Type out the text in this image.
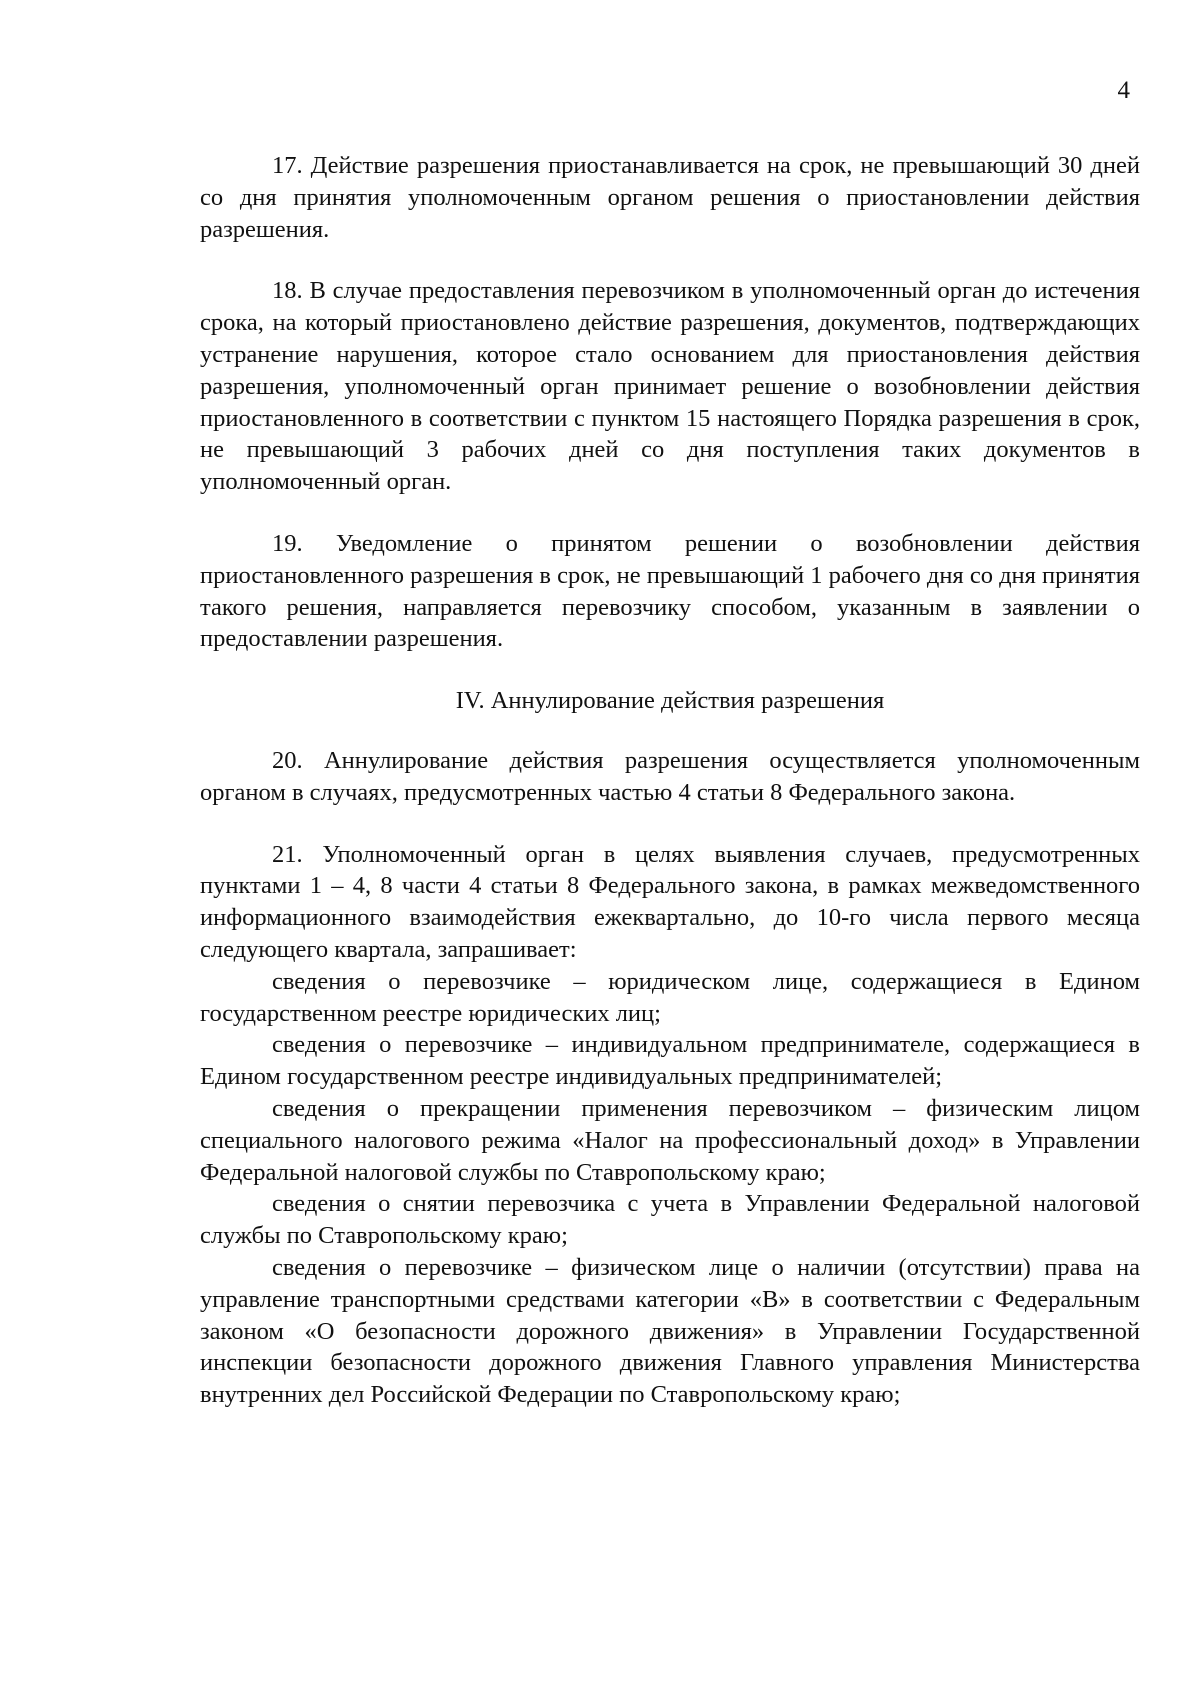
4

17. Действие разрешения приостанавливается на срок, не превышающий 30 дней со дня принятия уполномоченным органом решения о приостановлении действия разрешения.

18. В случае предоставления перевозчиком в уполномоченный орган до истечения срока, на который приостановлено действие разрешения, документов, подтверждающих устранение нарушения, которое стало основанием для приостановления действия разрешения, уполномоченный орган принимает решение о возобновлении действия приостановленного в соответствии с пунктом 15 настоящего Порядка разрешения в срок, не превышающий 3 рабочих дней со дня поступления таких документов в уполномоченный орган.

19. Уведомление о принятом решении о возобновлении действия приостановленного разрешения в срок, не превышающий 1 рабочего дня со дня принятия такого решения, направляется перевозчику способом, указанным в заявлении о предоставлении разрешения.

IV. Аннулирование действия разрешения

20. Аннулирование действия разрешения осуществляется уполномоченным органом в случаях, предусмотренных частью 4 статьи 8 Федерального закона.

21. Уполномоченный орган в целях выявления случаев, предусмотренных пунктами 1 – 4, 8 части 4 статьи 8 Федерального закона, в рамках межведомственного информационного взаимодействия ежеквартально, до 10-го числа первого месяца следующего квартала, запрашивает:

сведения о перевозчике – юридическом лице, содержащиеся в Едином государственном реестре юридических лиц;

сведения о перевозчике – индивидуальном предпринимателе, содержащиеся в Едином государственном реестре индивидуальных предпринимателей;

сведения о прекращении применения перевозчиком – физическим лицом специального налогового режима «Налог на профессиональный доход» в Управлении Федеральной налоговой службы по Ставропольскому краю;

сведения о снятии перевозчика с учета в Управлении Федеральной налоговой службы по Ставропольскому краю;

сведения о перевозчике – физическом лице о наличии (отсутствии) права на управление транспортными средствами категории «В» в соответствии с Федеральным законом «О безопасности дорожного движения» в Управлении Государственной инспекции безопасности дорожного движения Главного управления Министерства внутренних дел Российской Федерации по Ставропольскому краю;
